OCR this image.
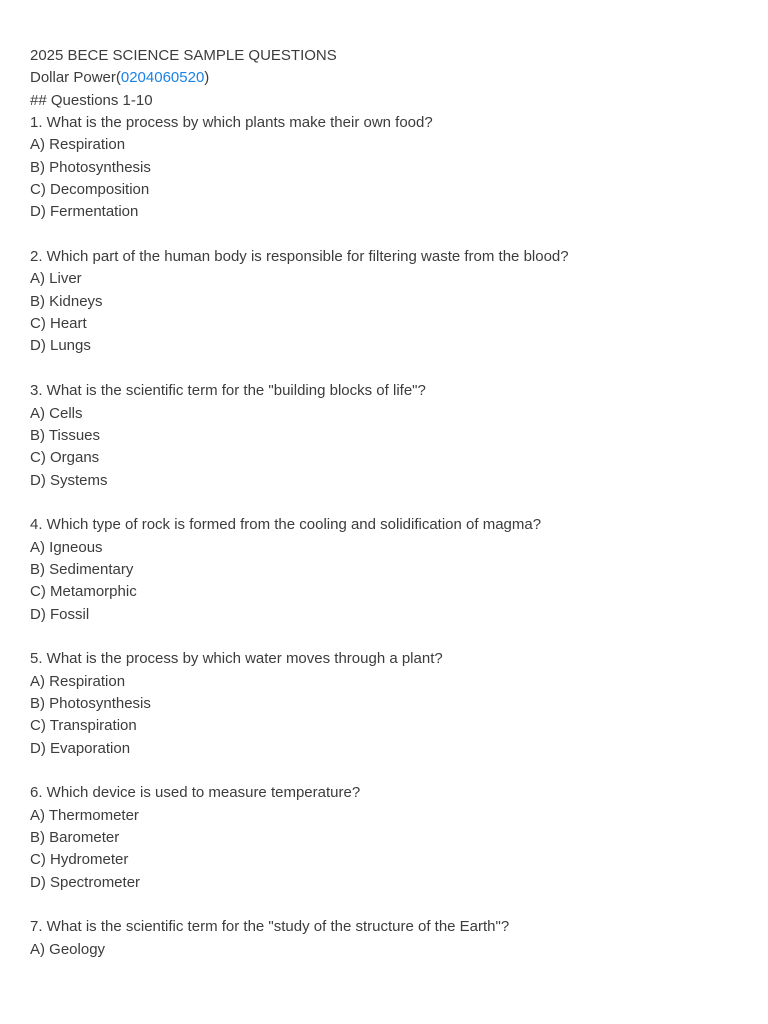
2025 BECE SCIENCE SAMPLE QUESTIONS
Dollar Power(0204060520)
## Questions 1-10
1. What is the process by which plants make their own food?
A) Respiration
B) Photosynthesis
C) Decomposition
D) Fermentation
2. Which part of the human body is responsible for filtering waste from the blood?
A) Liver
B) Kidneys
C) Heart
D) Lungs
3. What is the scientific term for the "building blocks of life"?
A) Cells
B) Tissues
C) Organs
D) Systems
4. Which type of rock is formed from the cooling and solidification of magma?
A) Igneous
B) Sedimentary
C) Metamorphic
D) Fossil
5. What is the process by which water moves through a plant?
A) Respiration
B) Photosynthesis
C) Transpiration
D) Evaporation
6. Which device is used to measure temperature?
A) Thermometer
B) Barometer
C) Hydrometer
D) Spectrometer
7. What is the scientific term for the "study of the structure of the Earth"?
A) Geology
